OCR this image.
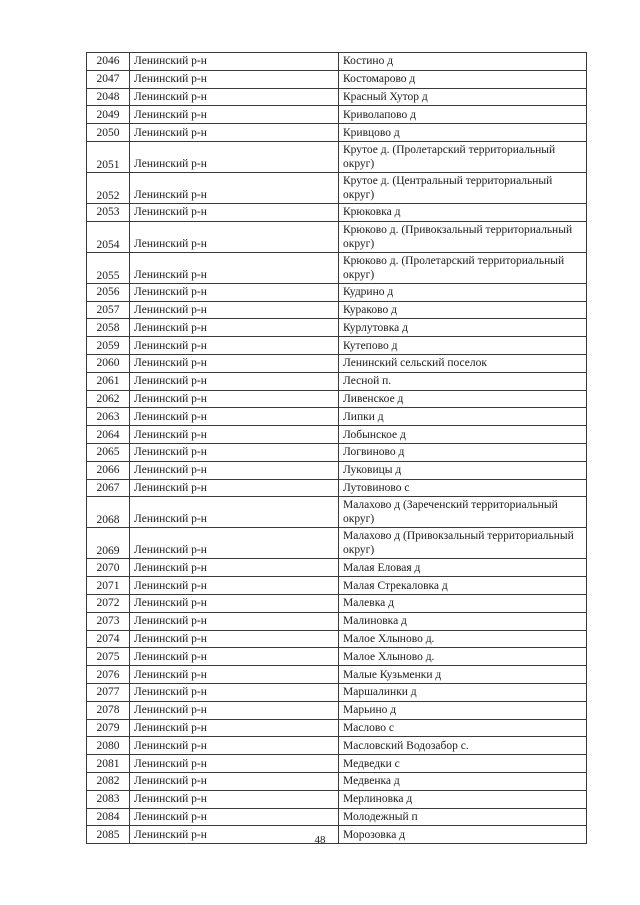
2046	Ленинский р-н	Костино д
2047	Ленинский р-н	Костомарово д
2048	Ленинский р-н	Красный Хутор д
2049	Ленинский р-н	Криволапово д
2050	Ленинский р-н	Кривцово д
2051	Ленинский р-н	Крутое д. (Пролетарский территориальный округ)
2052	Ленинский р-н	Крутое д. (Центральный территориальный округ)
2053	Ленинский р-н	Крюковка д
2054	Ленинский р-н	Крюково д. (Привокзальный территориальный округ)
2055	Ленинский р-н	Крюково д. (Пролетарский территориальный округ)
2056	Ленинский р-н	Кудрино д
2057	Ленинский р-н	Кураково д
2058	Ленинский р-н	Курлутовка д
2059	Ленинский р-н	Кутепово д
2060	Ленинский р-н	Ленинский сельский поселок
2061	Ленинский р-н	Лесной п.
2062	Ленинский р-н	Ливенское д
2063	Ленинский р-н	Липки д
2064	Ленинский р-н	Лобынское д
2065	Ленинский р-н	Логвиново д
2066	Ленинский р-н	Луковицы д
2067	Ленинский р-н	Лутовиново с
2068	Ленинский р-н	Малахово д (Зареченский территориальный округ)
2069	Ленинский р-н	Малахово д (Привокзальный территориальный округ)
2070	Ленинский р-н	Малая Еловая д
2071	Ленинский р-н	Малая Стрекаловка д
2072	Ленинский р-н	Малевка д
2073	Ленинский р-н	Малиновка д
2074	Ленинский р-н	Малое Хлыново д.
2075	Ленинский р-н	Малое Хлыново д.
2076	Ленинский р-н	Малые Кузьменки д
2077	Ленинский р-н	Маршалинки д
2078	Ленинский р-н	Марьино д
2079	Ленинский р-н	Маслово с
2080	Ленинский р-н	Масловский Водозабор с.
2081	Ленинский р-н	Медведки с
2082	Ленинский р-н	Медвенка д
2083	Ленинский р-н	Мерлиновка д
2084	Ленинский р-н	Молодежный п
2085	Ленинский р-н	Морозовка д
48
